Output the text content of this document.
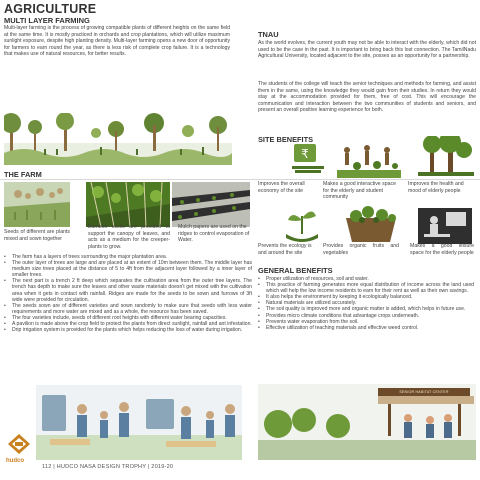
AGRICULTURE
MULTI LAYER FARMING

Multi-layer farming is the process of growing compatible plants of different heights on the same field at the same time. It is mostly practiced in orchards and crop plantations, which will utilize maximum sunlight exposure, despite high planting density. Multi-layer farming opens a new door of opportunity for farmers to earn round the year, as there is less risk of complete crop failure. It is a technology that makes use of natural resources, for better results.

TNAU

As the world evolves, the current youth may not be able to interact with the elderly, which did not used to be the case in the past. It is important to bring back this lost connection. The TamilNadu Agricultural University, located adjacent to the site, posses as an opportunity for a partnership.

The students of the college will teach the senior techniques and methods for farming, and assist them in the same, using the knowledge they would gain from their studies. In return they would stay at the accommodation provided for them, free of cost. This will encourage the communication and interaction between the two communities of students and seniors, and present an overall positive learning experience for both.

SITE BENEFITS
THE FARM
Seeds of different are plants mixed and sown together
Bamboo sticks are provided to support the canopy of leaves, and acts as a medium for the creeper-plants to grow.
Mulch papers are used on the ridges to control evaporation of Water.
• The farm has a layers of trees surrounding the major plantation area.
• The outer layer of trees are large and are placed at an extent of 10m between them. The middle layer has medium size trees placed at the distance of 5 to 4ft from the adjacent layer followed by a inner layer of smaller trees.
• The next part is a trench 2 ft deep which separates the cultivation area from the outer tree layers. The trench has depth to make sure the leaves and other waste materials doesn't get mixed with the cultivation area when it gets in contact with rainfall. Ridges are made for the seeds to be sown and furrows of 3ft wide were provided for circulation.
• The seeds sown are of different varieties and sown randomly to make sure that seeds with less water requirements and more water are mixed and as a whole, the resource has been saved.
• The four varieties include, seeds of different root heights with different water bearing capacities.
• A pavilion is made above the crop field to protect the plants from direct sunlight, rainfall and ant infestation.
• Drip irrigation system is provided for the plants which helps reducing the loss of water during irrigation.
₹
Improves the overall economy of the site
Makes a good interactive space for the elderly and student community
Improves the health and mood of elderly people
Prevents the ecology is and around the site
Provides organic fruits and vegetables
Makes a good leisure space for the elderly people
GENERAL BENEFITS
• Proper utilization of resources, soil and water.
• This practice of farming generates more equal distribution of income across the land used which will help the low income residents to earn for their rent as well as their own savings.
• It also helps the environment by keeping it ecologically balanced.
• Natural materials are utilized accurately.
• The soil quality is improved more and organic matter is added, which helps in future use.
• Provides micro climate conditions that advantage crops underneath.
• Prevents water evaporation from the soil.
• Effective utilization of teaching materials and effective weed control.
SENIOR HABITAT CENTER
hudco
112 | HUDCO NASA DESIGN TROPHY | 2019-20
